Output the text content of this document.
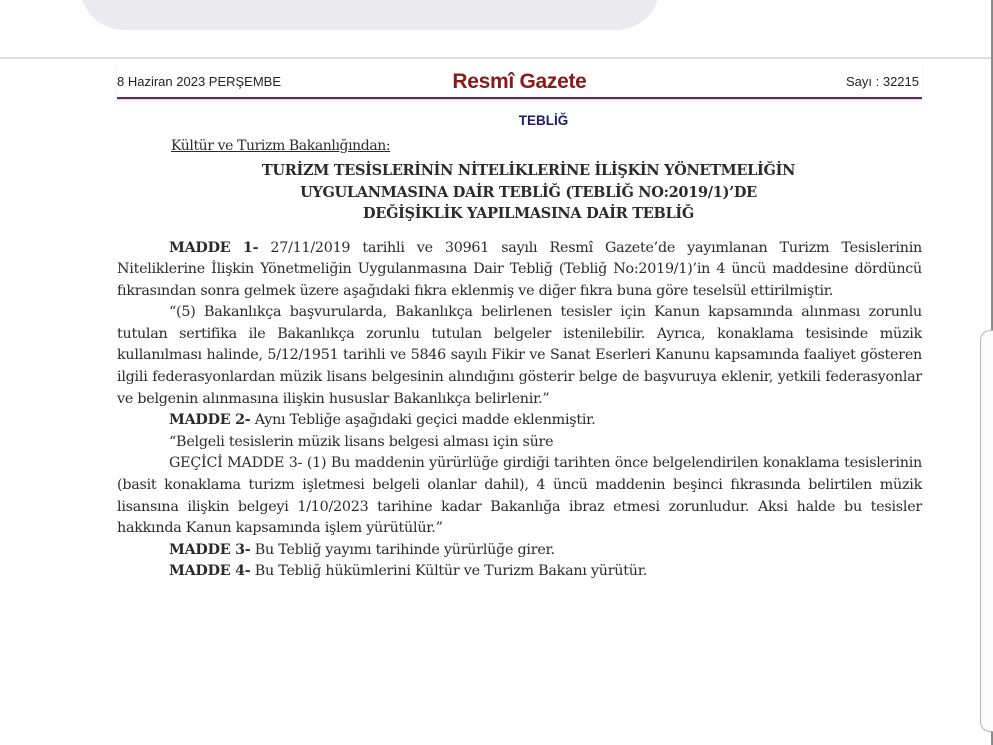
8 Haziran 2023 PERŞEMBE	Resmî Gazete	Sayı : 32215
TEBLİĞ
Kültür ve Turizm Bakanlığından:
TURİZM TESİSLERİNİN NİTELİKLERİNE İLİŞKİN YÖNETMELİĞİN
UYGULANMASINA DAİR TEBLİĞ (TEBLİĞ NO:2019/1)’DE
DEĞİŞİKLİK YAPILMASINA DAİR TEBLİĞ

MADDE 1- 27/11/2019 tarihli ve 30961 sayılı Resmî Gazete’de yayımlanan Turizm Tesislerinin Niteliklerine İlişkin Yönetmeliğin Uygulanmasına Dair Tebliğ (Tebliğ No:2019/1)’in 4 üncü maddesine dördüncü fıkrasından sonra gelmek üzere aşağıdaki fıkra eklenmiş ve diğer fıkra buna göre teselsül ettirilmiştir.

“(5) Bakanlıkça başvurularda, Bakanlıkça belirlenen tesisler için Kanun kapsamında alınması zorunlu tutulan sertifika ile Bakanlıkça zorunlu tutulan belgeler istenilebilir. Ayrıca, konaklama tesisinde müzik kullanılması halinde, 5/12/1951 tarihli ve 5846 sayılı Fikir ve Sanat Eserleri Kanunu kapsamında faaliyet gösteren ilgili federasyonlardan müzik lisans belgesinin alındığını gösterir belge de başvuruya eklenir, yetkili federasyonlar ve belgenin alınmasına ilişkin hususlar Bakanlıkça belirlenir.”

MADDE 2- Aynı Tebliğe aşağıdaki geçici madde eklenmiştir.

“Belgeli tesislerin müzik lisans belgesi alması için süre

GEÇİCİ MADDE 3- (1) Bu maddenin yürürlüğe girdiği tarihten önce belgelendirilen konaklama tesislerinin (basit konaklama turizm işletmesi belgeli olanlar dahil), 4 üncü maddenin beşinci fıkrasında belirtilen müzik lisansına ilişkin belgeyi 1/10/2023 tarihine kadar Bakanlığa ibraz etmesi zorunludur. Aksi halde bu tesisler hakkında Kanun kapsamında işlem yürütülür.”

MADDE 3- Bu Tebliğ yayımı tarihinde yürürlüğe girer.

MADDE 4- Bu Tebliğ hükümlerini Kültür ve Turizm Bakanı yürütür.
